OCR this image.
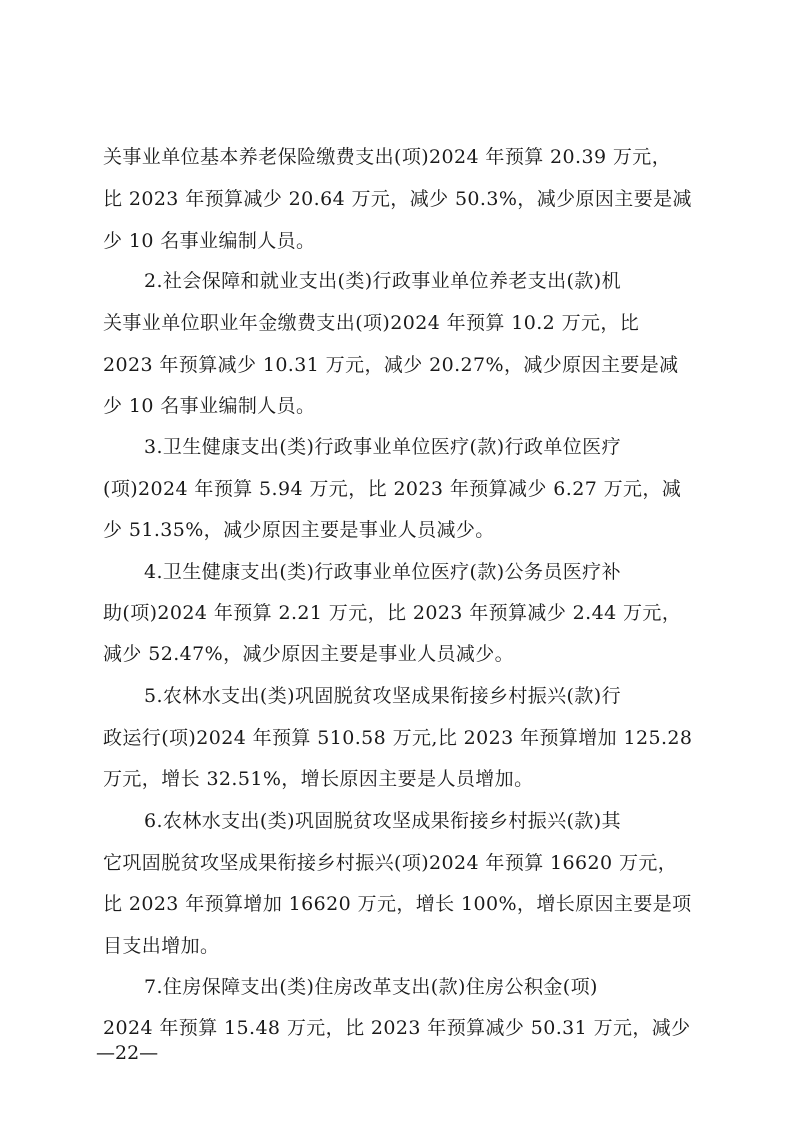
关事业单位基本养老保险缴费支出(项)2024 年预算 20.39 万元，
比 2023 年预算减少 20.64 万元，减少 50.3%，减少原因主要是减
少 10 名事业编制人员。
2.社会保障和就业支出(类)行政事业单位养老支出(款)机
关事业单位职业年金缴费支出(项)2024 年预算 10.2 万元，比
2023 年预算减少 10.31 万元，减少 20.27%，减少原因主要是减
少 10 名事业编制人员。
3.卫生健康支出(类)行政事业单位医疗(款)行政单位医疗
(项)2024 年预算 5.94 万元，比 2023 年预算减少 6.27 万元，减
少 51.35%，减少原因主要是事业人员减少。
4.卫生健康支出(类)行政事业单位医疗(款)公务员医疗补
助(项)2024 年预算 2.21 万元，比 2023 年预算减少 2.44 万元，
减少 52.47%，减少原因主要是事业人员减少。
5.农林水支出(类)巩固脱贫攻坚成果衔接乡村振兴(款)行
政运行(项)2024 年预算 510.58 万元,比 2023 年预算增加 125.28
万元，增长 32.51%，增长原因主要是人员增加。
6.农林水支出(类)巩固脱贫攻坚成果衔接乡村振兴(款)其
它巩固脱贫攻坚成果衔接乡村振兴(项)2024 年预算 16620 万元，
比 2023 年预算增加 16620 万元，增长 100%，增长原因主要是项
目支出增加。
7.住房保障支出(类)住房改革支出(款)住房公积金(项)
2024 年预算 15.48 万元，比 2023 年预算减少 50.31 万元，减少
—22—
